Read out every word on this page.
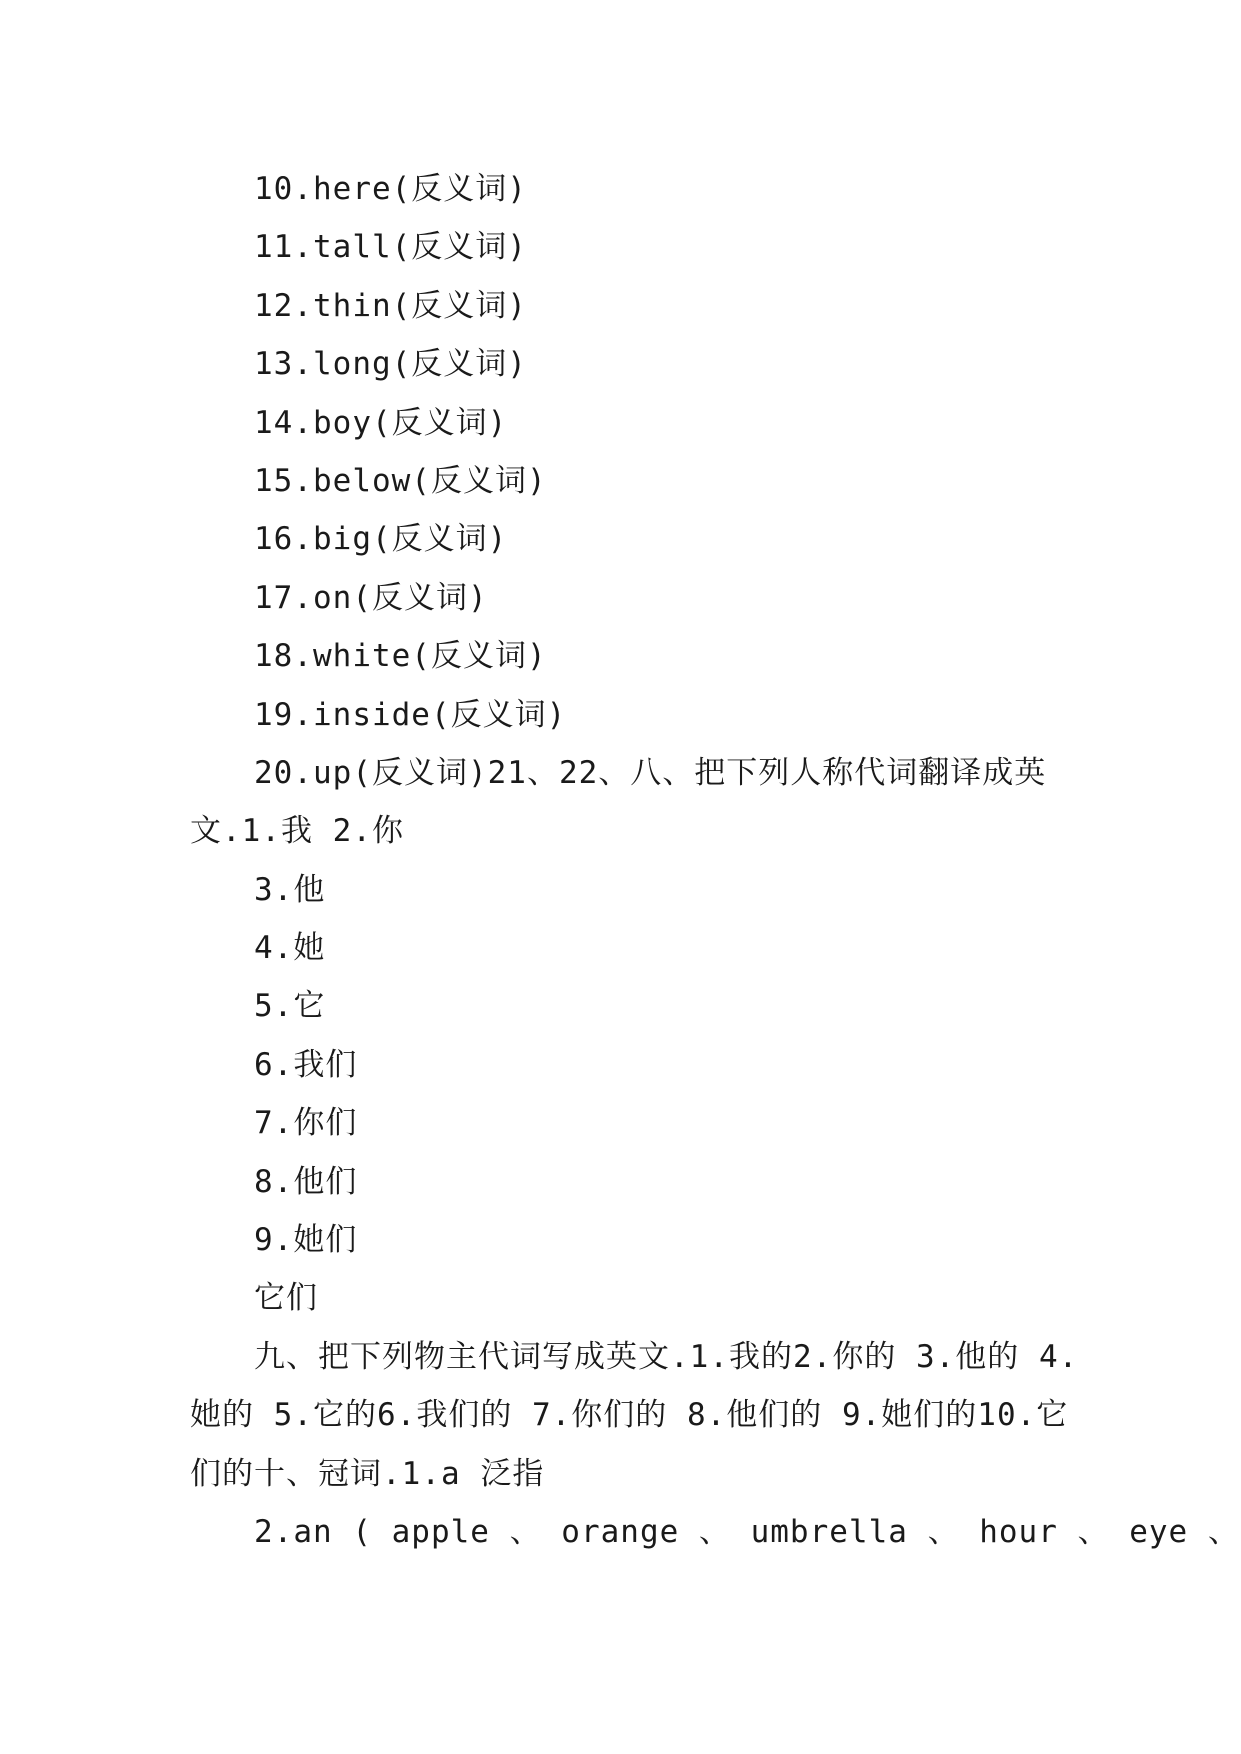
10.here(反义词)
11.tall(反义词)
12.thin(反义词)
13.long(反义词)
14.boy(反义词)
15.below(反义词)
16.big(反义词)
17.on(反义词)
18.white(反义词)
19.inside(反义词)
20.up(反义词)21、22、八、把下列人称代词翻译成英
文.1.我 2.你
3.他
4.她
5.它
6.我们
7.你们
8.他们
9.她们
它们
九、把下列物主代词写成英文.1.我的2.你的 3.他的 4.
她的 5.它的6.我们的 7.你们的 8.他们的 9.她们的10.它
们的十、冠词.1.a 泛指
2.an ( apple 、 orange 、 umbrella 、 hour 、 eye 、
